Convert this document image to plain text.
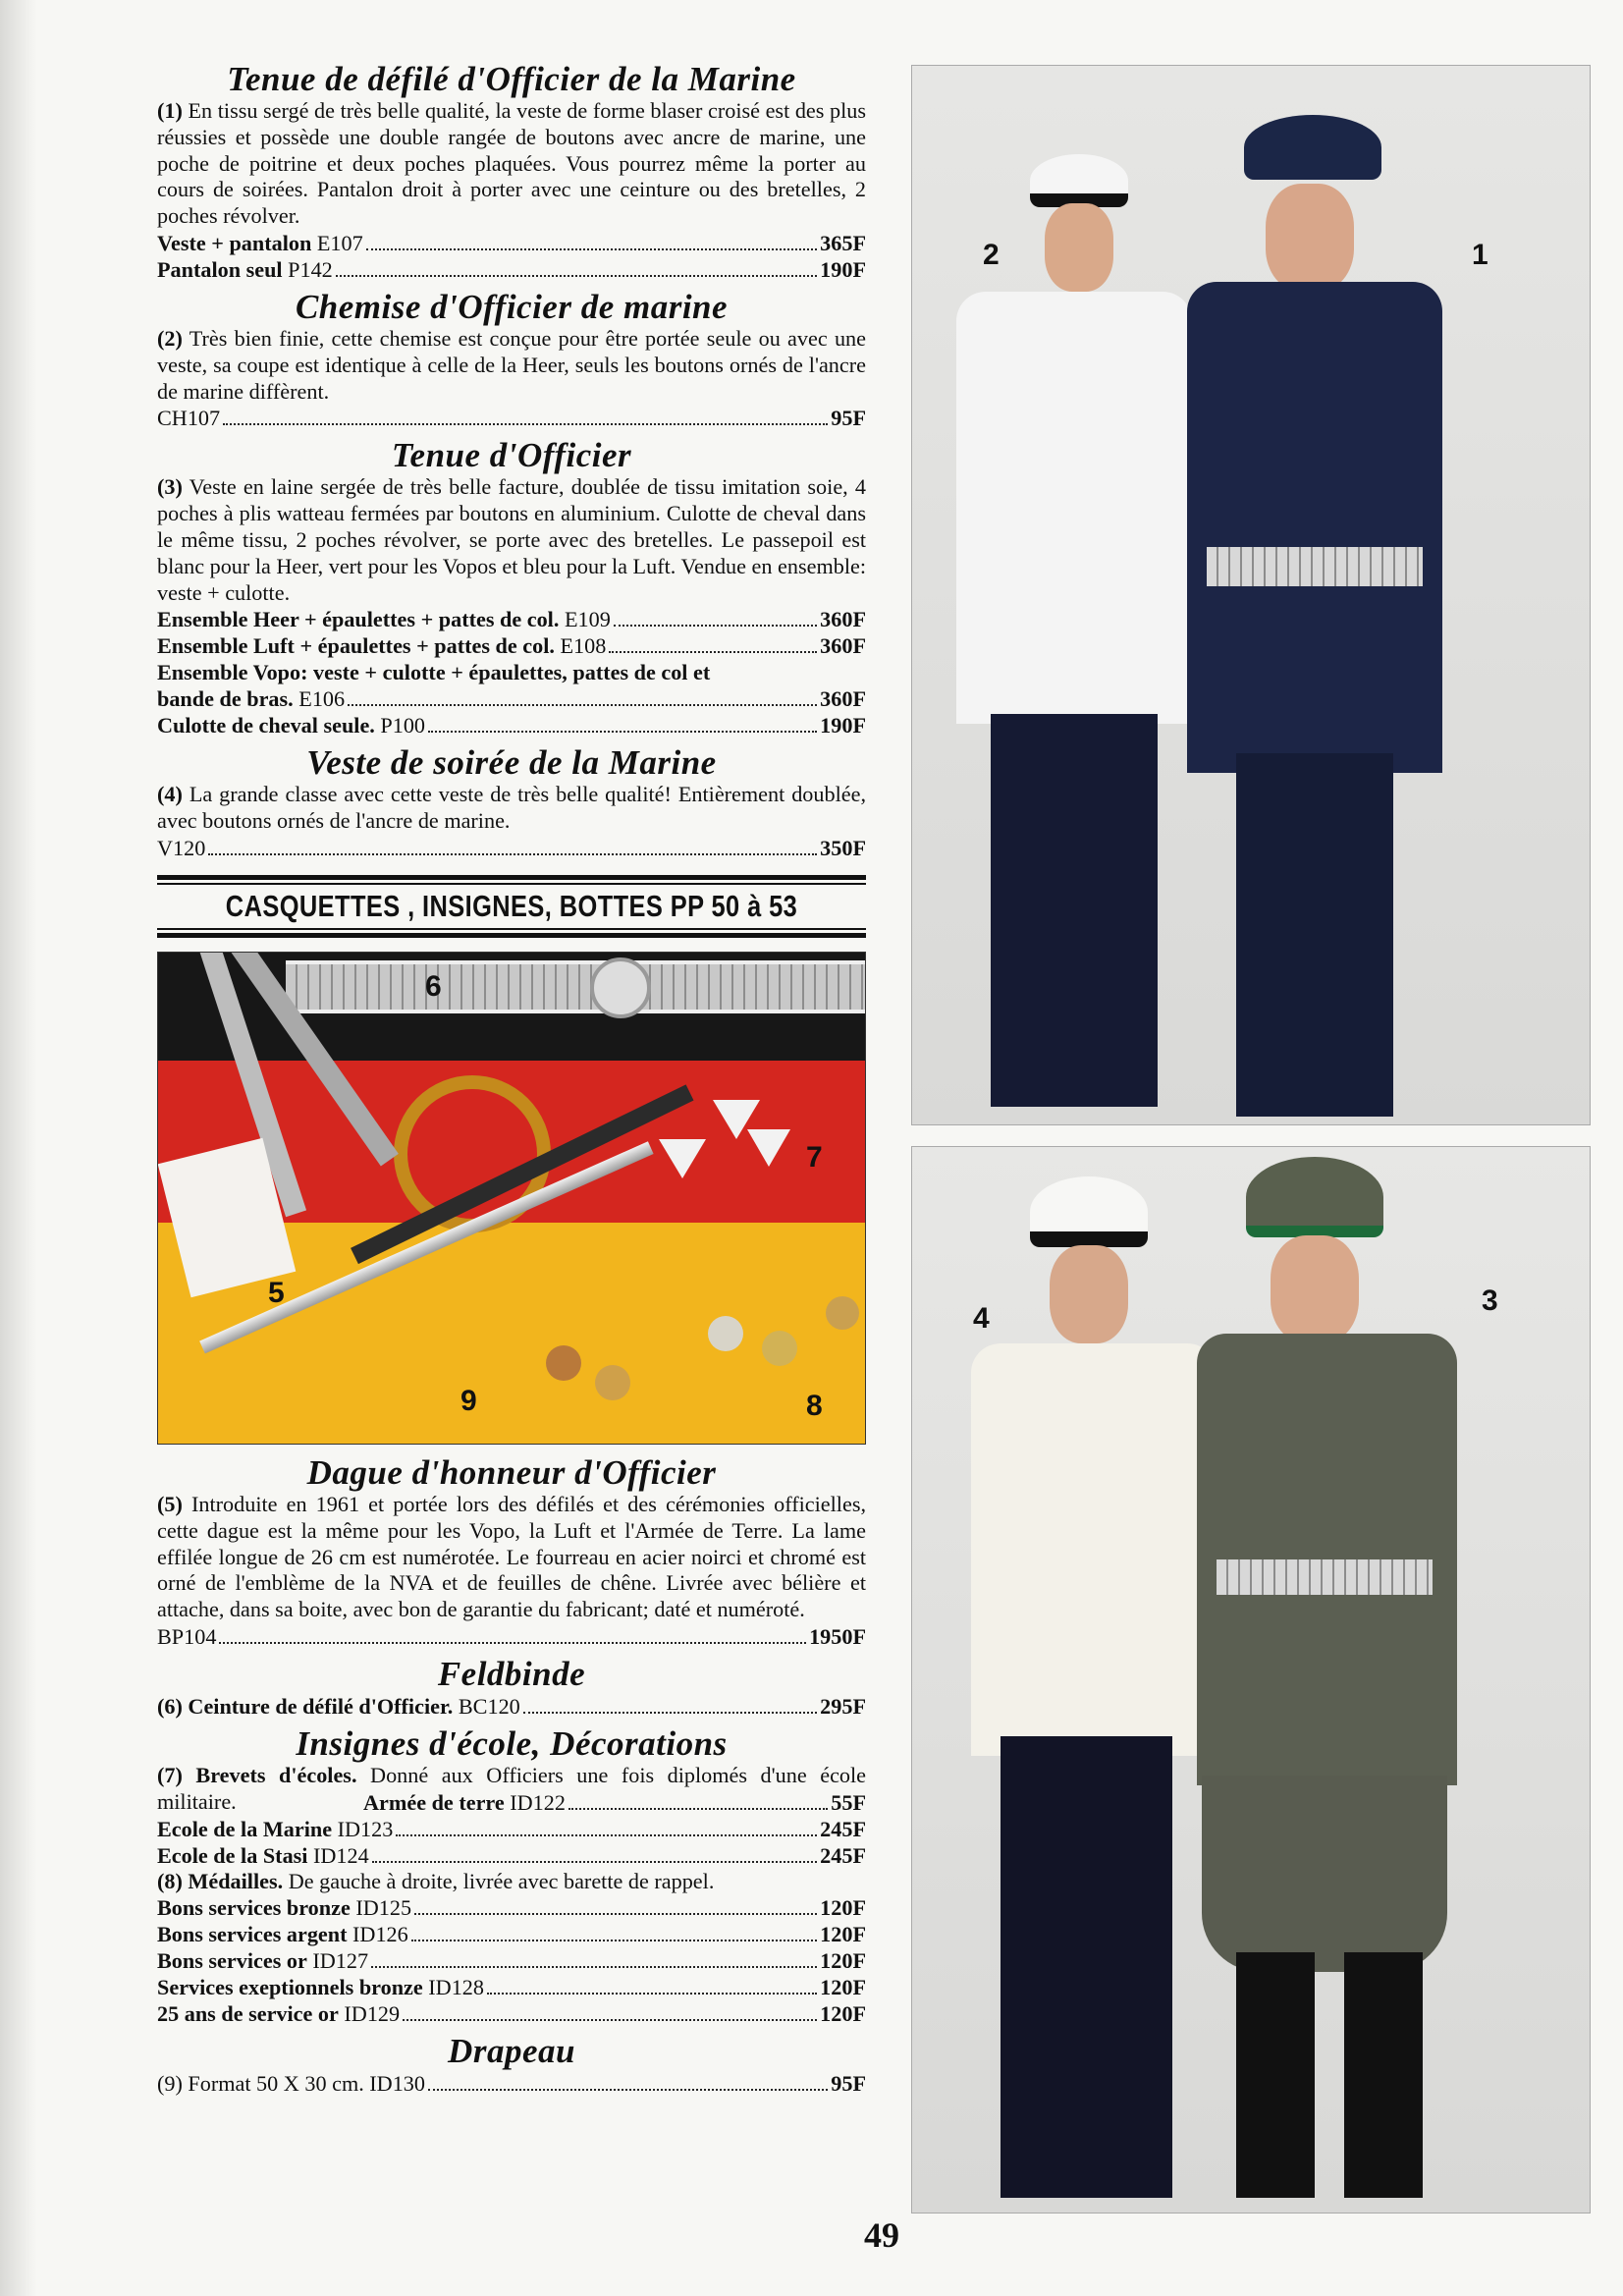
Tenue de défilé d'Officier de la Marine

(1) En tissu sergé de très belle qualité, la veste de forme blaser croisé est des plus réussies et possède une double rangée de boutons avec ancre de marine, une poche de poitrine et deux poches plaquées. Vous pourrez même la porter au cours de soirées. Pantalon droit à porter avec une ceinture ou des bretelles, 2 poches révolver.

Veste + pantalon E107	365F
Pantalon seul P142	190F
Chemise d'Officier de marine

(2) Très bien finie, cette chemise est conçue pour être portée seule ou avec une veste, sa coupe est identique à celle de la Heer, seuls les boutons ornés de l'ancre de marine diffèrent.

CH107	95F
Tenue d'Officier

(3) Veste en laine sergée de très belle facture, doublée de tissu imitation soie, 4 poches à plis watteau fermées par boutons en aluminium. Culotte de cheval dans le même tissu, 2 poches révolver, se porte avec des bretelles. Le passepoil est blanc pour la Heer, vert pour les Vopos et bleu pour la Luft. Vendue en ensemble: veste + culotte.

Ensemble Heer + épaulettes + pattes de col. E109	360F
Ensemble Luft + épaulettes + pattes de col. E108	360F
Ensemble Vopo: veste + culotte + épaulettes, pattes de col et
bande de bras. E106	360F
Culotte de cheval seule. P100	190F
Veste de soirée de la Marine

(4) La grande classe avec cette veste de très belle qualité! Entièrement doublée, avec boutons ornés de l'ancre de marine.

V120	350F
CASQUETTES , INSIGNES, BOTTES PP 50 à 53
6
7
5
9	8
Dague d'honneur d'Officier

(5) Introduite en 1961 et portée lors des défilés et des cérémonies officielles, cette dague est la même pour les Vopo, la Luft et l'Armée de Terre. La lame effilée longue de 26 cm est numérotée. Le fourreau en acier noirci et chromé est orné de l'emblème de la NVA et de feuilles de chêne. Livrée avec bélière et attache, dans sa boite, avec bon de garantie du fabricant; daté et numéroté.

BP104	1950F
Feldbinde
(6) Ceinture de défilé d'Officier. BC120	295F
Insignes d'école, Décorations

(7) Brevets d'écoles. Donné aux Officiers une fois diplomés d'une école militaire.	Armée de terre ID122	55F
Ecole de la Marine ID123	245F
Ecole de la Stasi ID124	245F

(8) Médailles. De gauche à droite, livrée avec barette de rappel.

Bons services bronze ID125	120F
Bons services argent ID126	120F
Bons services or ID127	120F
Services exeptionnels bronze ID128	120F
25 ans de service or ID129	120F
Drapeau
(9) Format 50 X 30 cm.
ID130	95F
2	1
4
3
49
